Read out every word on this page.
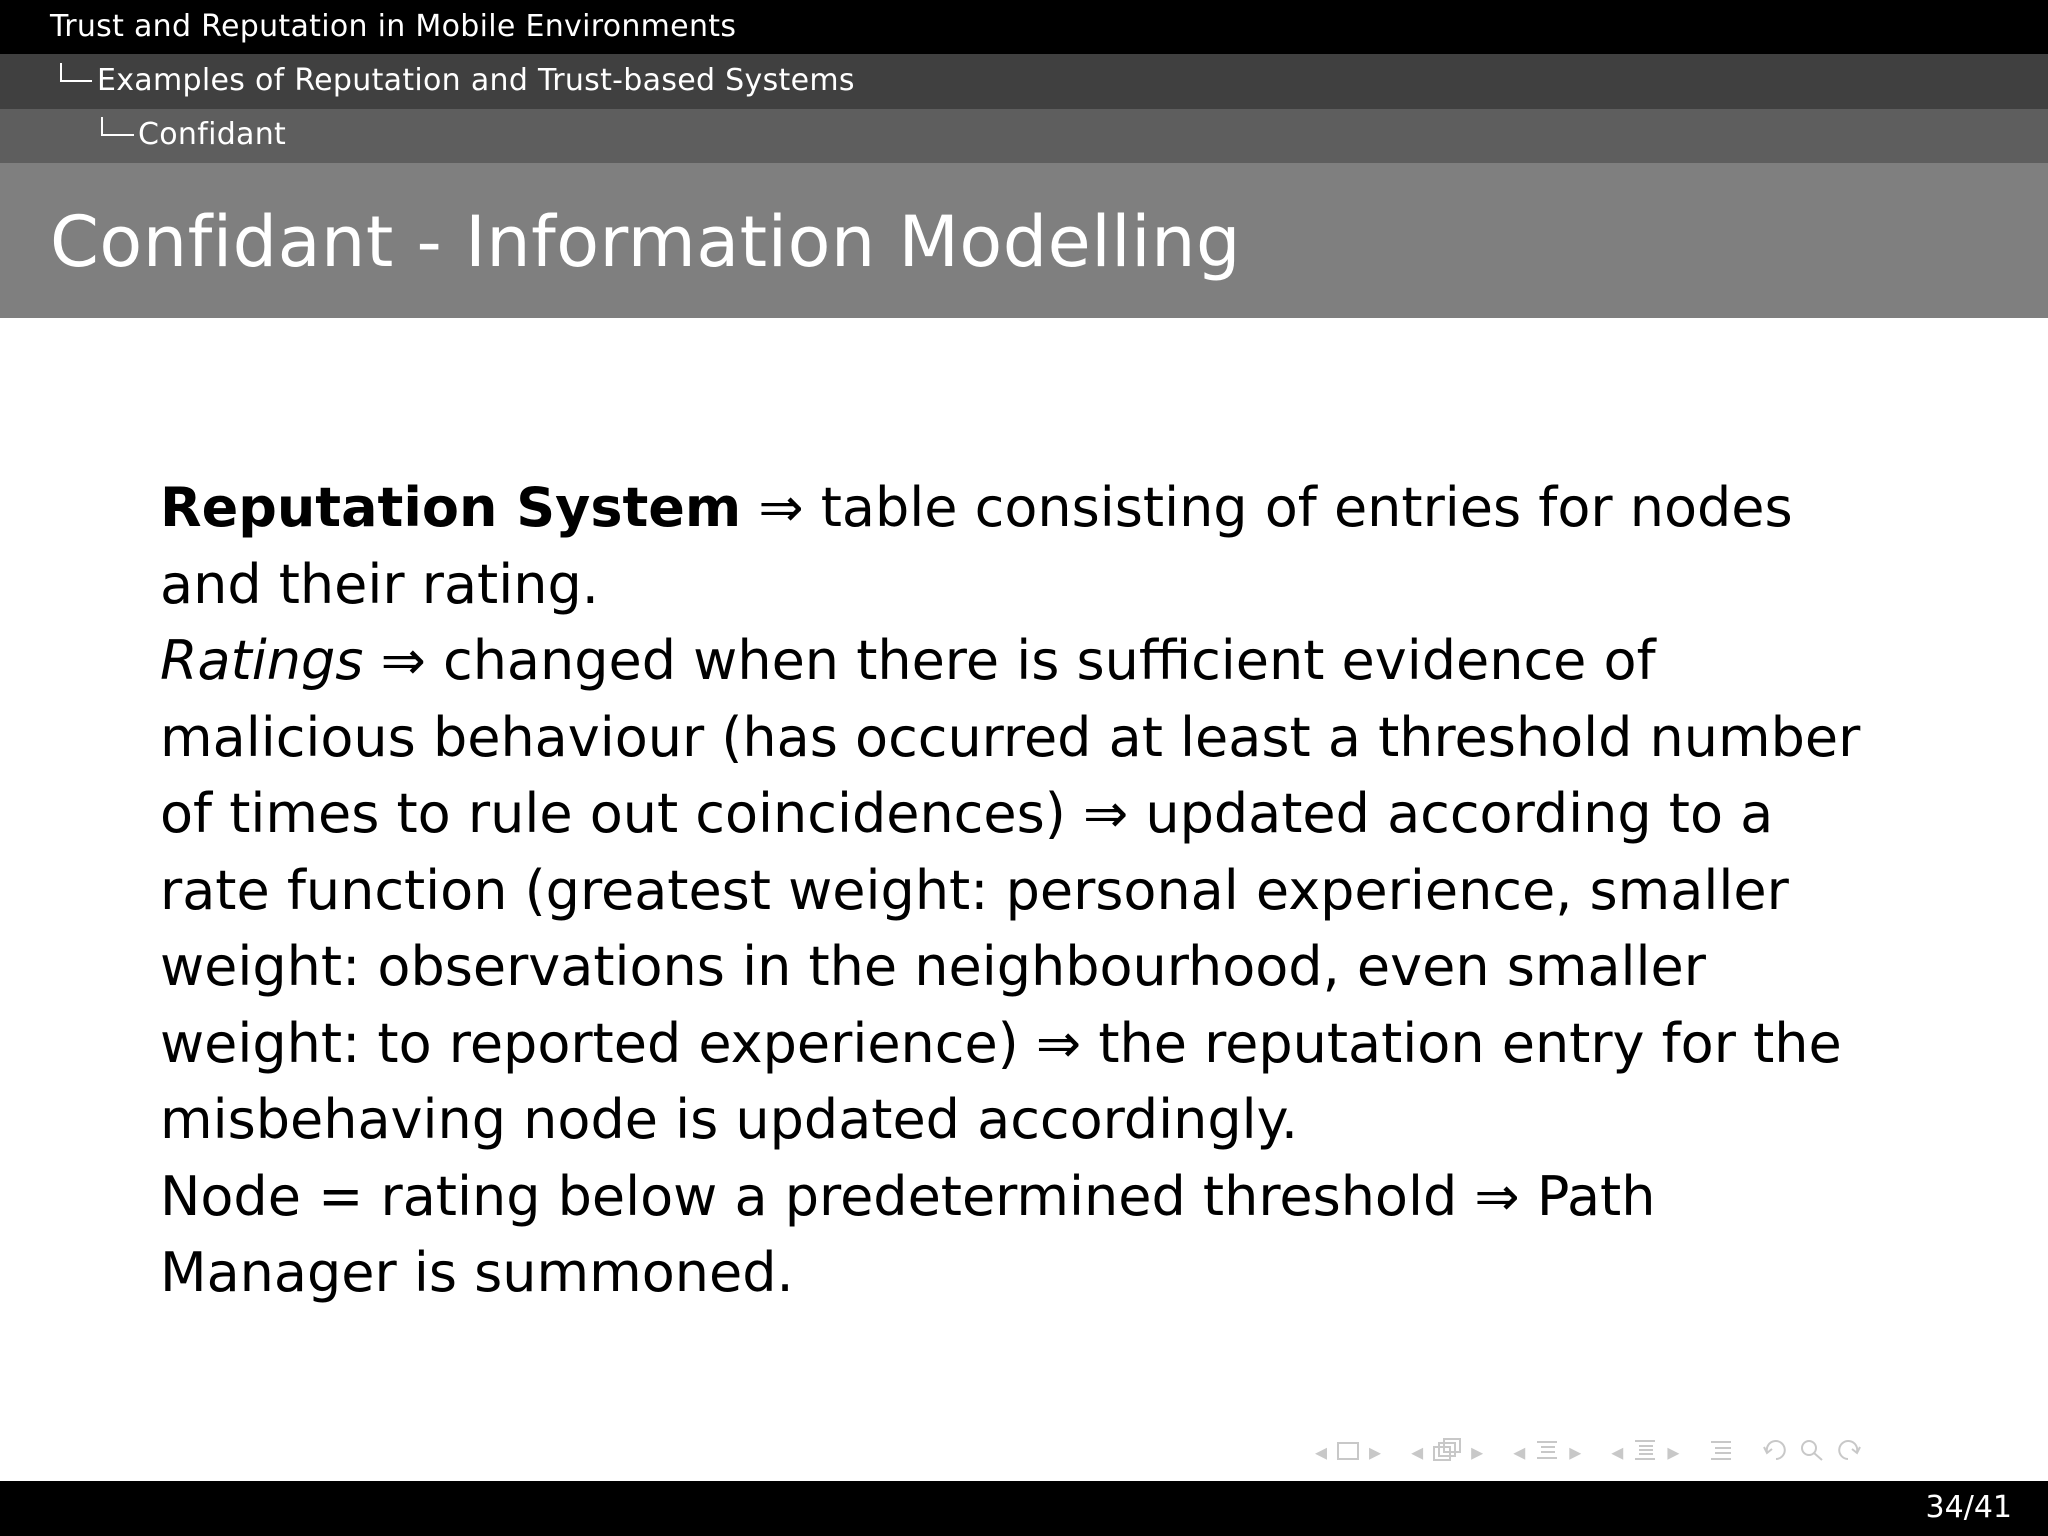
Trust and Reputation in Mobile Environments
Examples of Reputation and Trust-based Systems
Confidant
Confidant - Information Modelling

Reputation System ⇒ table consisting of entries for nodes and their rating.

Ratings ⇒ changed when there is sufficient evidence of malicious behaviour (has occurred at least a threshold number of times to rule out coincidences) ⇒ updated according to a rate function (greatest weight: personal experience, smaller weight: observations in the neighbourhood, even smaller weight: to reported experience) ⇒ the reputation entry for the misbehaving node is updated accordingly.

Node = rating below a predetermined threshold ⇒ Path Manager is summoned.

◂ ▸ ◂ ▸ ◂ ▸ ◂ ▸
34/41
